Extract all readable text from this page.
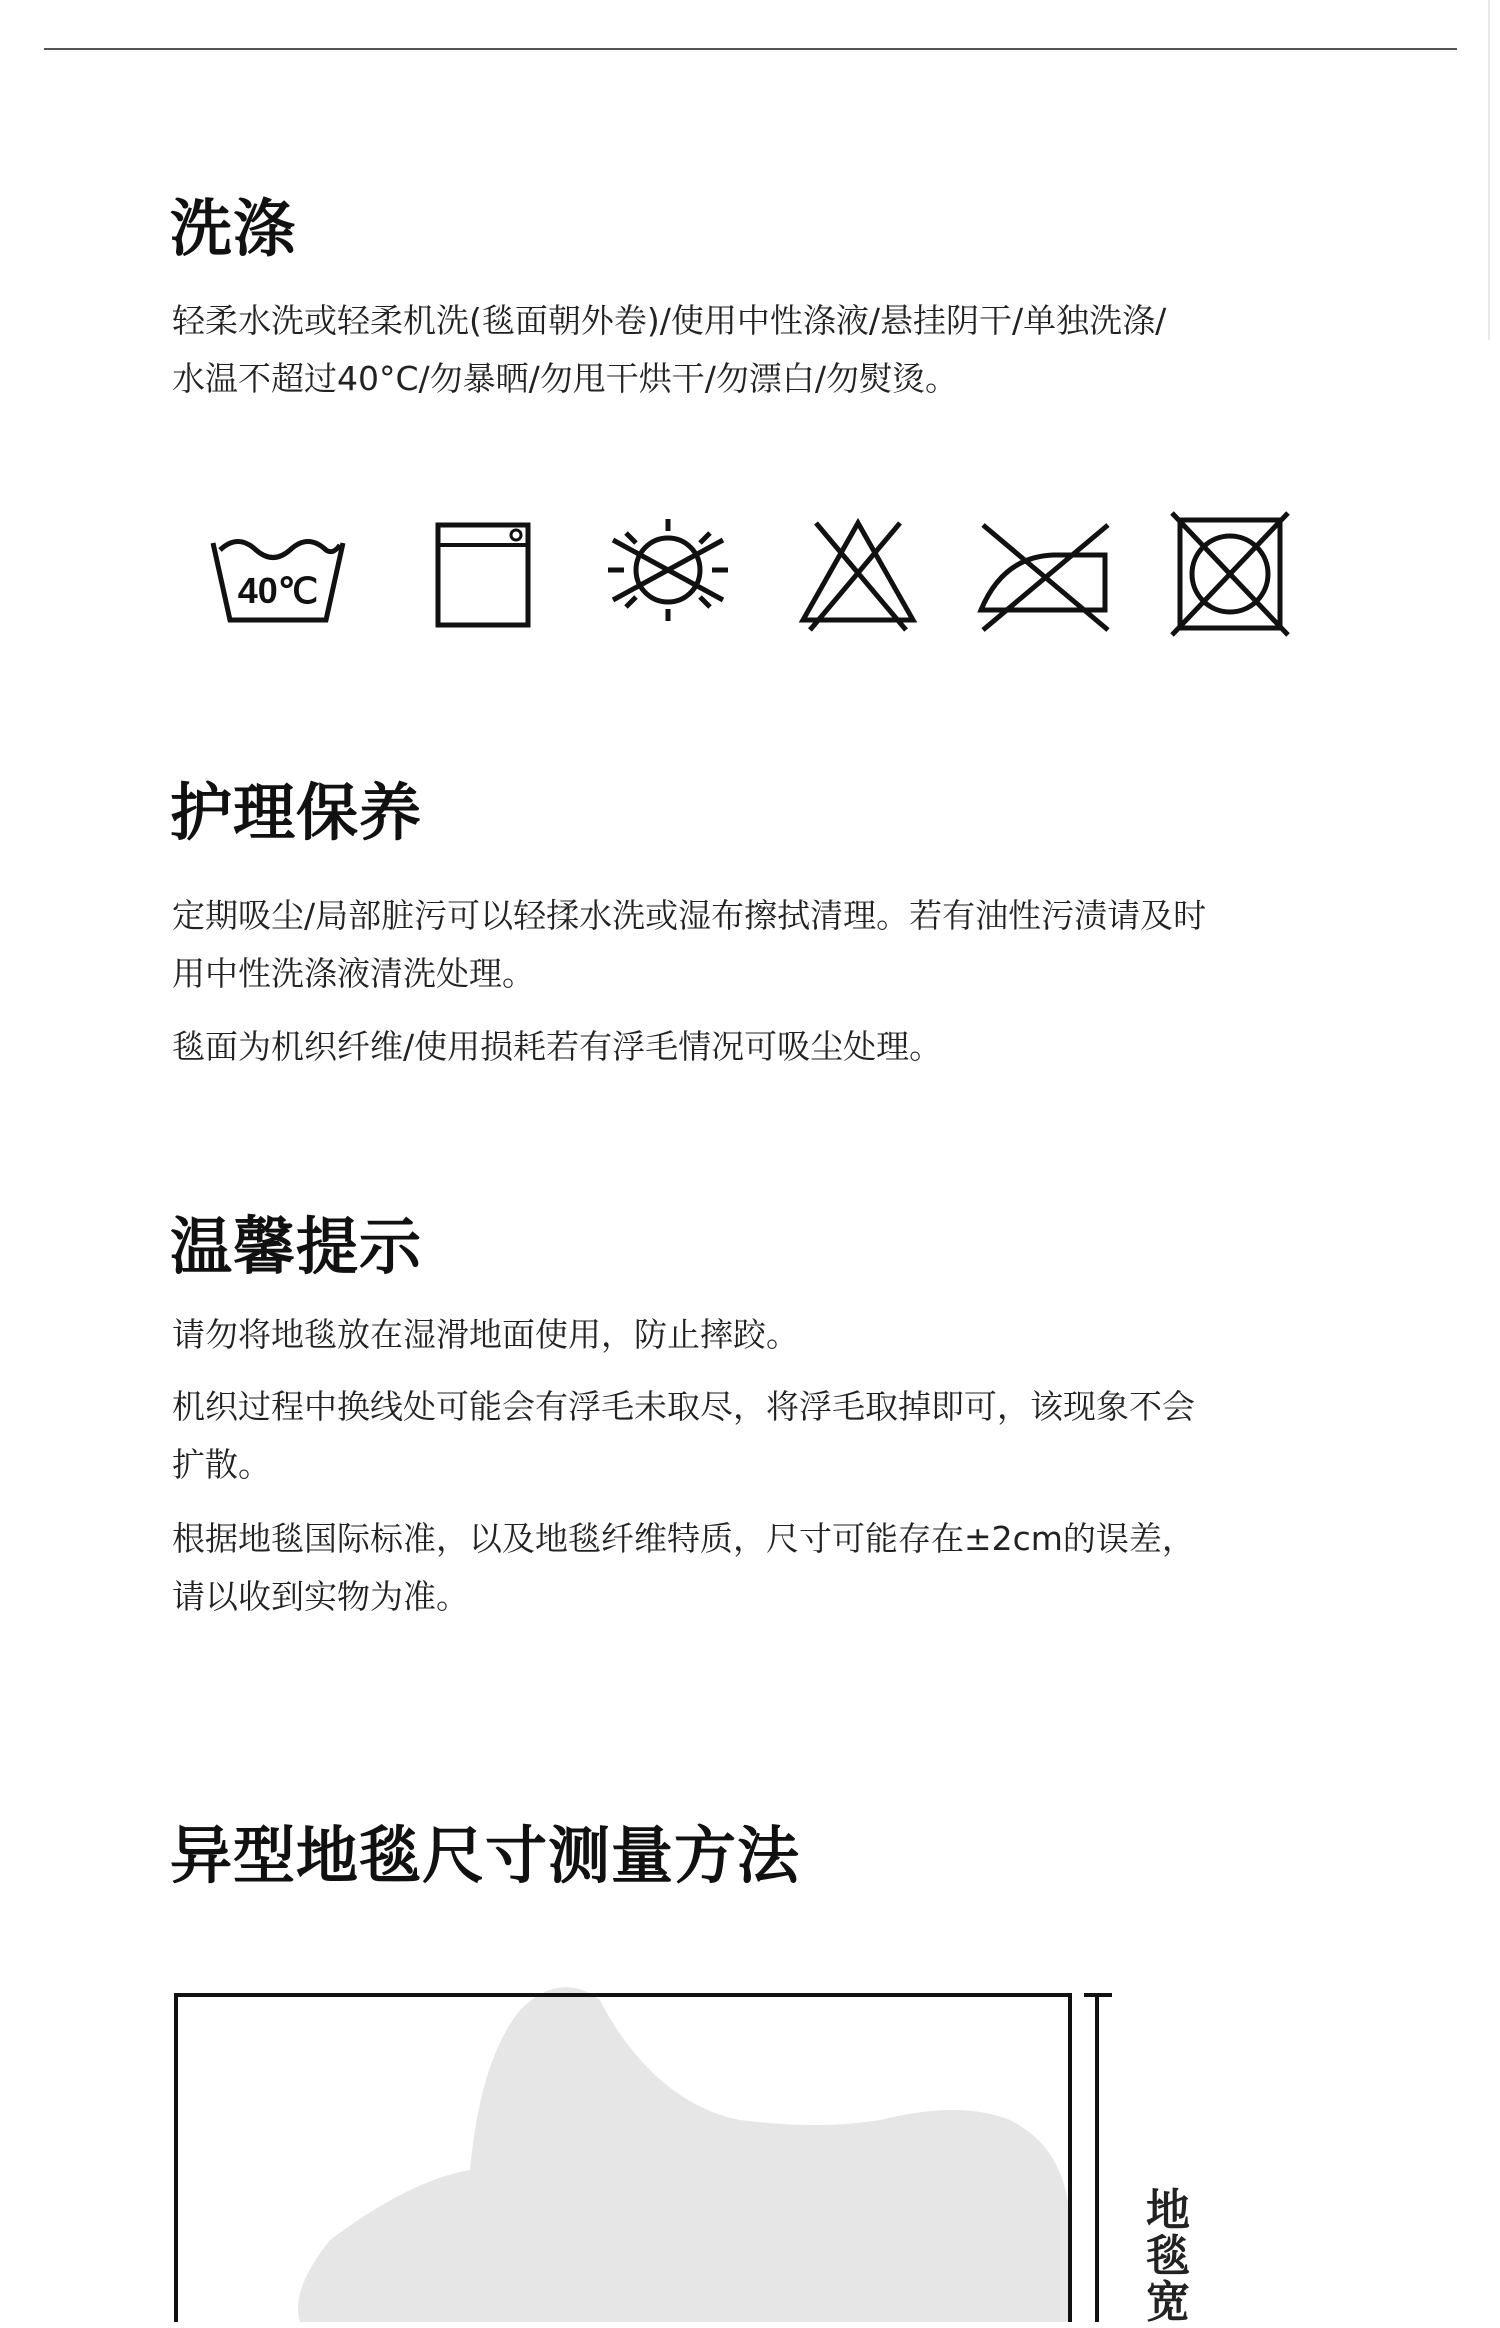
洗涤
轻柔水洗或轻柔机洗(毯面朝外卷)/使用中性涤液/悬挂阴干/单独洗涤/
水温不超过40°C/勿暴晒/勿甩干烘干/勿漂白/勿熨烫。
40℃
护理保养
定期吸尘/局部脏污可以轻揉水洗或湿布擦拭清理。若有油性污渍请及时
用中性洗涤液清洗处理。
毯面为机织纤维/使用损耗若有浮毛情况可吸尘处理。
温馨提示
请勿将地毯放在湿滑地面使用，防止摔跤。
机织过程中换线处可能会有浮毛未取尽，将浮毛取掉即可，该现象不会
扩散。
根据地毯国际标准，以及地毯纤维特质，尺寸可能存在±2cm的误差，
请以收到实物为准。
异型地毯尺寸测量方法
地
毯
宽
